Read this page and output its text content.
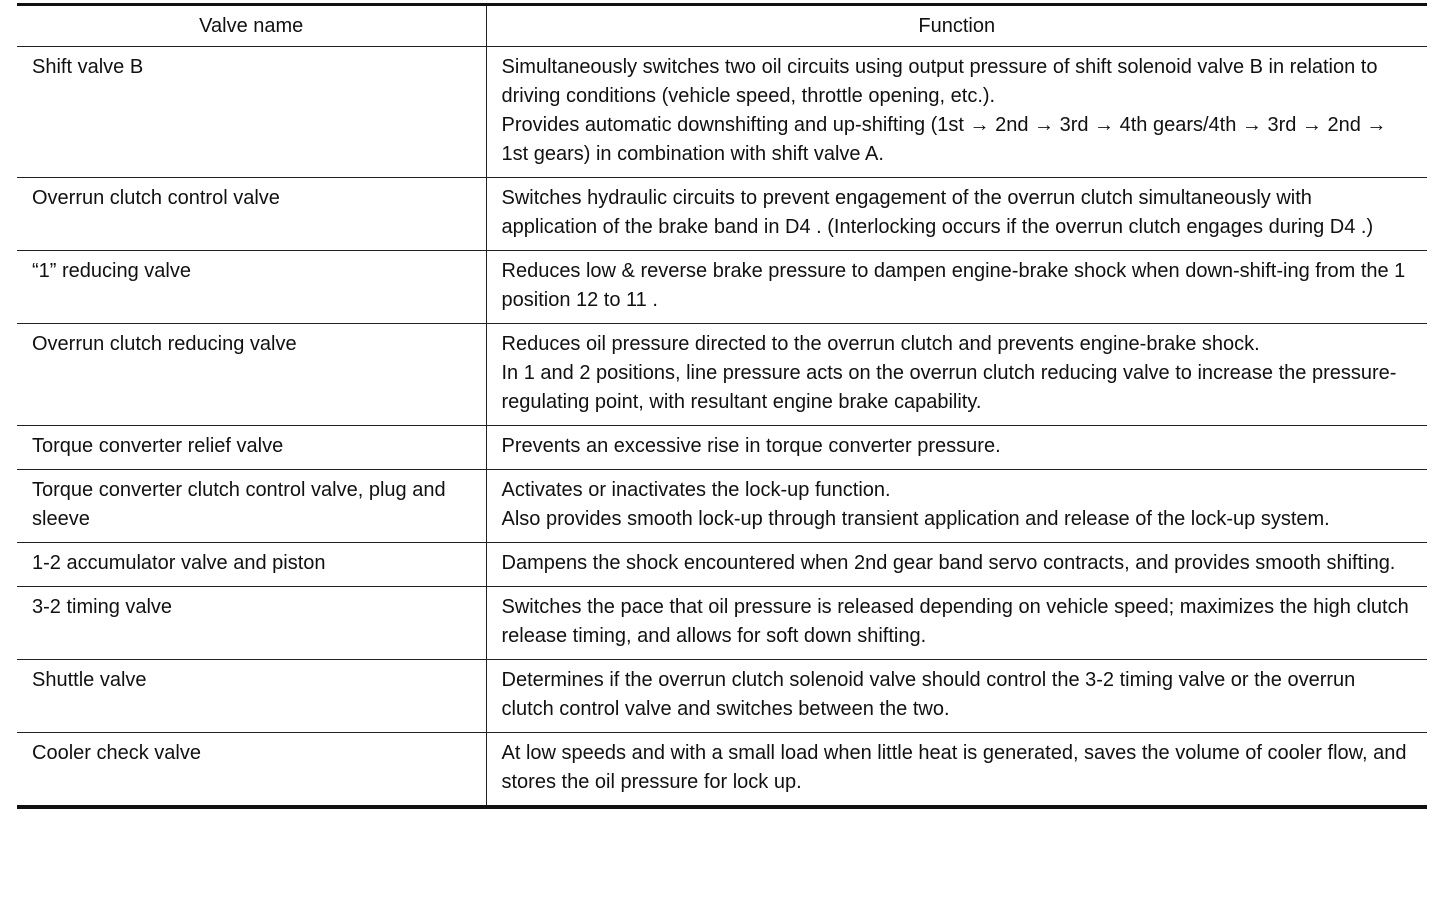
Valve name	Function
Shift valve B	Simultaneously switches two oil circuits using output pressure of shift solenoid valve B in relation to driving conditions (vehicle speed, throttle opening, etc.).
Provides automatic downshifting and up-shifting (1st → 2nd → 3rd → 4th gears/4th → 3rd → 2nd → 1st gears) in combination with shift valve A.

Overrun clutch control valve	Switches hydraulic circuits to prevent engagement of the overrun clutch simultaneously with application of the brake band in D4 . (Interlocking occurs if the overrun clutch engages during D4 .)

“1” reducing valve	Reduces low & reverse brake pressure to dampen engine-brake shock when down-shift-ing from the 1 position 12 to 11 .

Overrun clutch reducing valve	Reduces oil pressure directed to the overrun clutch and prevents engine-brake shock.
In 1 and 2 positions, line pressure acts on the overrun clutch reducing valve to increase the pressure-regulating point, with resultant engine brake capability.

Torque converter relief valve	Prevents an excessive rise in torque converter pressure.

Torque converter clutch control valve, plug and sleeve	Activates or inactivates the lock-up function.
Also provides smooth lock-up through transient application and release of the lock-up system.

1-2 accumulator valve and piston	Dampens the shock encountered when 2nd gear band servo contracts, and provides smooth shifting.

3-2 timing valve	Switches the pace that oil pressure is released depending on vehicle speed; maximizes the high clutch release timing, and allows for soft down shifting.

Shuttle valve	Determines if the overrun clutch solenoid valve should control the 3-2 timing valve or the overrun clutch control valve and switches between the two.

Cooler check valve	At low speeds and with a small load when little heat is generated, saves the volume of cooler flow, and stores the oil pressure for lock up.
